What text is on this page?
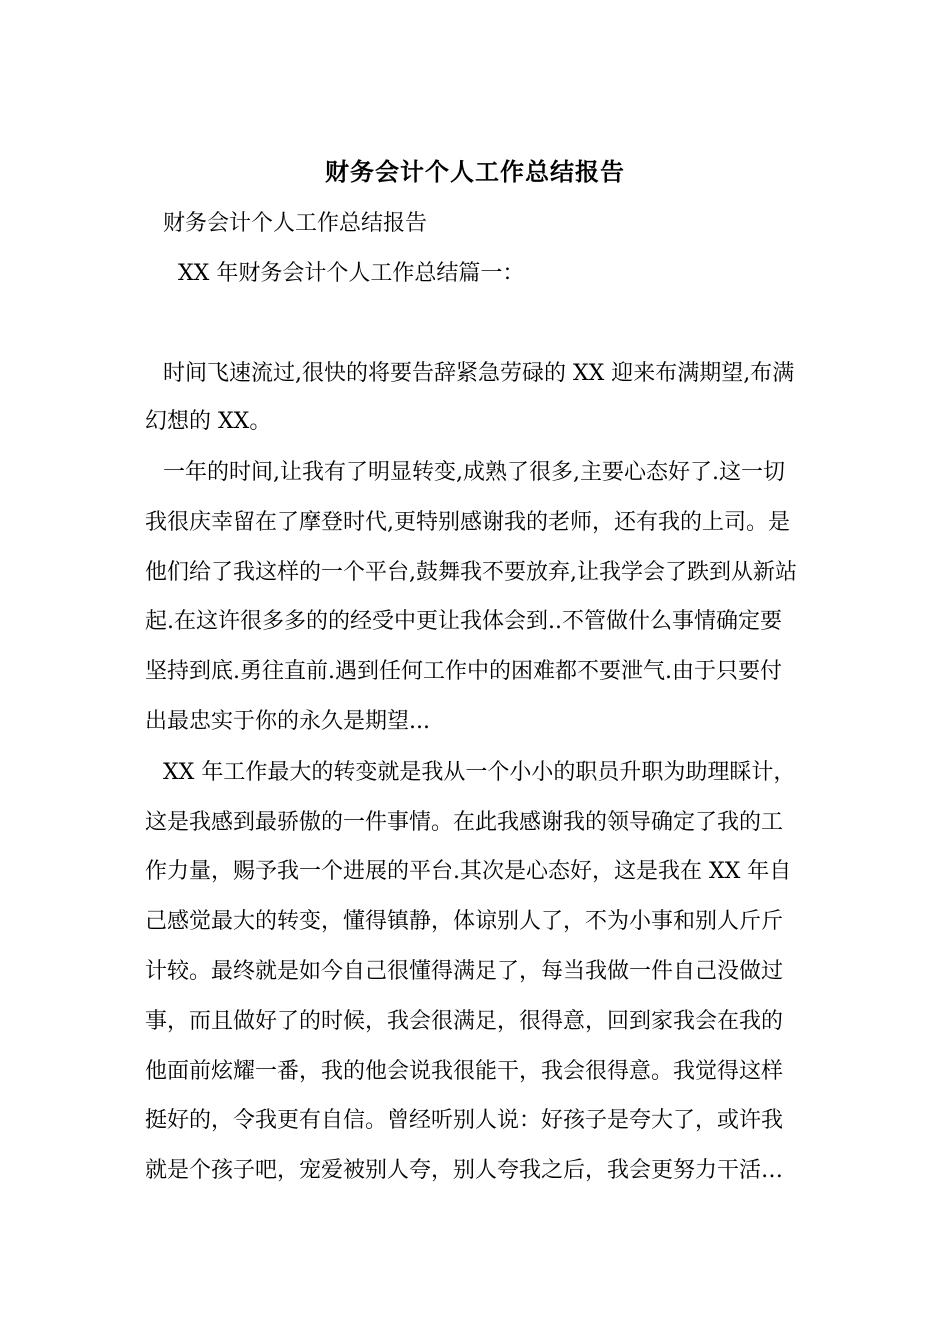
财务会计个人工作总结报告
财务会计个人工作总结报告
XX 年财务会计个人工作总结篇一：
时间飞速流过,很快的将要告辞紧急劳碌的 XX 迎来布满期望,布满
幻想的 XX。
一年的时间,让我有了明显转变,成熟了很多,主要心态好了.这一切
我很庆幸留在了摩登时代,更特别感谢我的老师，还有我的上司。是
他们给了我这样的一个平台,鼓舞我不要放弃,让我学会了跌到从新站
起.在这许很多多的的经受中更让我体会到..不管做什么事情确定要
坚持到底.勇往直前.遇到任何工作中的困难都不要泄气.由于只要付
出最忠实于你的永久是期望...
XX 年工作最大的转变就是我从一个小小的职员升职为助理睬计，
这是我感到最骄傲的一件事情。在此我感谢我的领导确定了我的工
作力量，赐予我一个进展的平台.其次是心态好，这是我在 XX 年自
己感觉最大的转变，懂得镇静，体谅别人了，不为小事和别人斤斤
计较。最终就是如今自己很懂得满足了，每当我做一件自己没做过
事，而且做好了的时候，我会很满足，很得意，回到家我会在我的
他面前炫耀一番，我的他会说我很能干，我会很得意。我觉得这样
挺好的，令我更有自信。曾经听别人说：好孩子是夸大了，或许我
就是个孩子吧，宠爱被别人夸，别人夸我之后，我会更努力干活…
